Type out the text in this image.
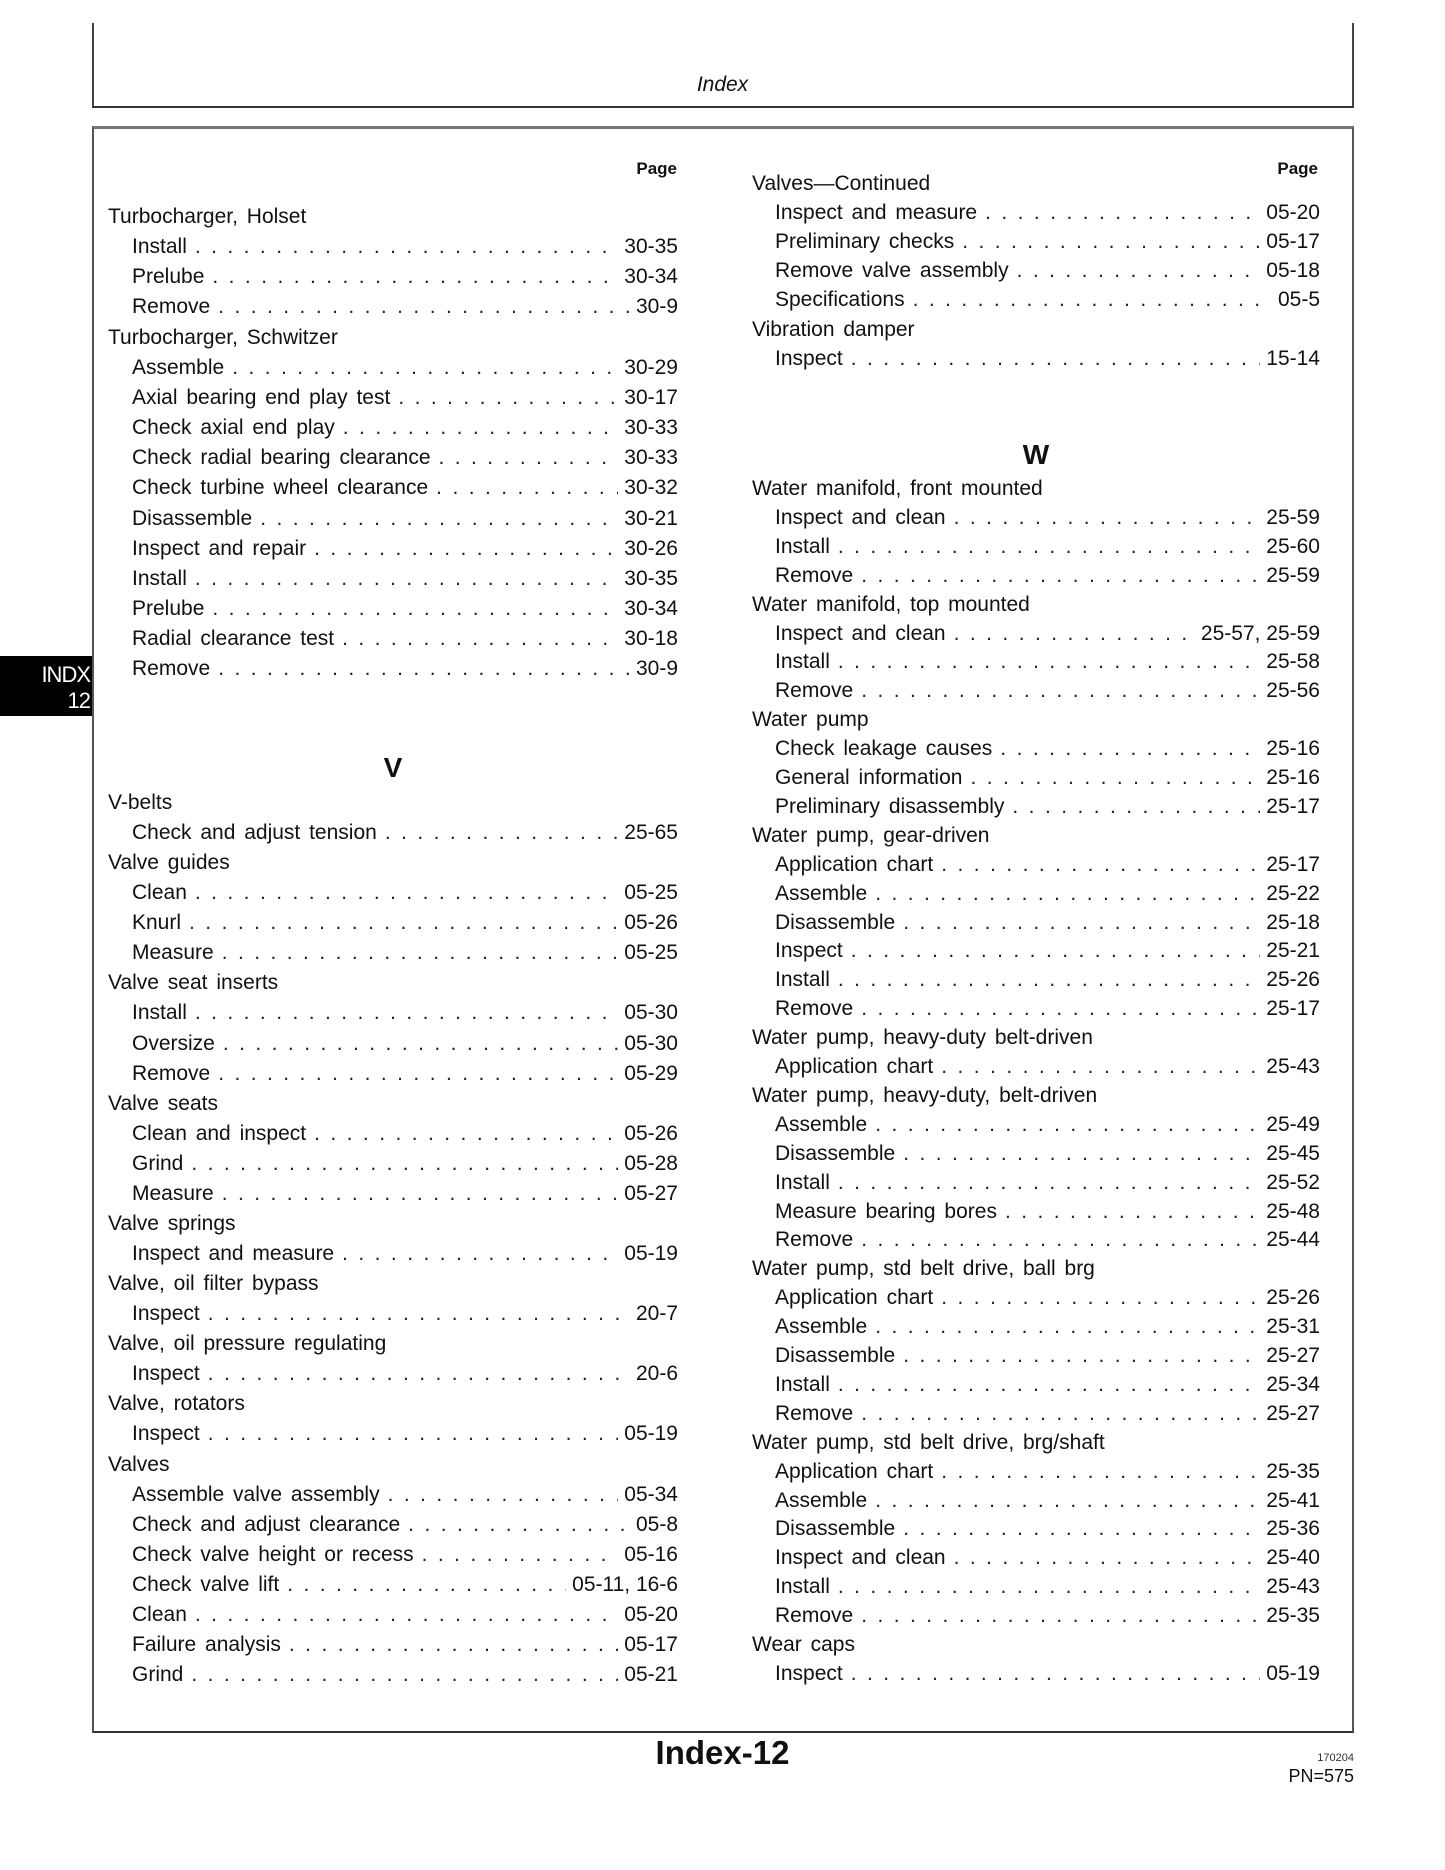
Index
INDX
12
Page	Page
Turbocharger, Holset
Install . . .	30-35
Prelube . . .	30-34
Remove . . .	30-9
Turbocharger, Schwitzer
Assemble . . .	30-29
Axial bearing end play test . . .	30-17
Check axial end play . . .	30-33
Check radial bearing clearance . . .	30-33
Check turbine wheel clearance . . .	30-32
Disassemble . . .	30-21
Inspect and repair . . .	30-26
Install . . .	30-35
Prelube . . .	30-34
Radial clearance test . . .	30-18
Remove . . .	30-9
V
V-belts
Check and adjust tension . . .	25-65
Valve guides
Clean . . .	05-25
Knurl . . .	05-26
Measure . . .	05-25
Valve seat inserts
Install . . .	05-30
Oversize . . .	05-30
Remove . . .	05-29
Valve seats
Clean and inspect . . .	05-26
Grind . . .	05-28
Measure . . .	05-27
Valve springs
Inspect and measure . . .	05-19
Valve, oil filter bypass
Inspect . . .	20-7
Valve, oil pressure regulating
Inspect . . .	20-6
Valve, rotators
Inspect . . .	05-19
Valves
Assemble valve assembly . . .	05-34
Check and adjust clearance . . .	05-8
Check valve height or recess . . .	05-16
Check valve lift . . .	05-11, 16-6
Clean . . .	05-20
Failure analysis . . .	05-17
Grind . . .	05-21
Valves—Continued
Inspect and measure . . .	05-20
Preliminary checks . . .	05-17
Remove valve assembly . . .	05-18
Specifications . . .	05-5
Vibration damper
Inspect . . .	15-14
W
Water manifold, front mounted
Inspect and clean . . .	25-59
Install . . .	25-60
Remove . . .	25-59
Water manifold, top mounted
Inspect and clean . . .	25-57, 25-59
Install . . .	25-58
Remove . . .	25-56
Water pump
Check leakage causes . . .	25-16
General information . . .	25-16
Preliminary disassembly . . .	25-17
Water pump, gear-driven
Application chart . . .	25-17
Assemble . . .	25-22
Disassemble . . .	25-18
Inspect . . .	25-21
Install . . .	25-26
Remove . . .	25-17
Water pump, heavy-duty belt-driven
Application chart . . .	25-43
Water pump, heavy-duty, belt-driven
Assemble . . .	25-49
Disassemble . . .	25-45
Install . . .	25-52
Measure bearing bores . . .	25-48
Remove . . .	25-44
Water pump, std belt drive, ball brg
Application chart . . .	25-26
Assemble . . .	25-31
Disassemble . . .	25-27
Install . . .	25-34
Remove . . .	25-27
Water pump, std belt drive, brg/shaft
Application chart . . .	25-35
Assemble . . .	25-41
Disassemble . . .	25-36
Inspect and clean . . .	25-40
Install . . .	25-43
Remove . . .	25-35
Wear caps
Inspect . . .	05-19
Index-12	170204
PN=575
